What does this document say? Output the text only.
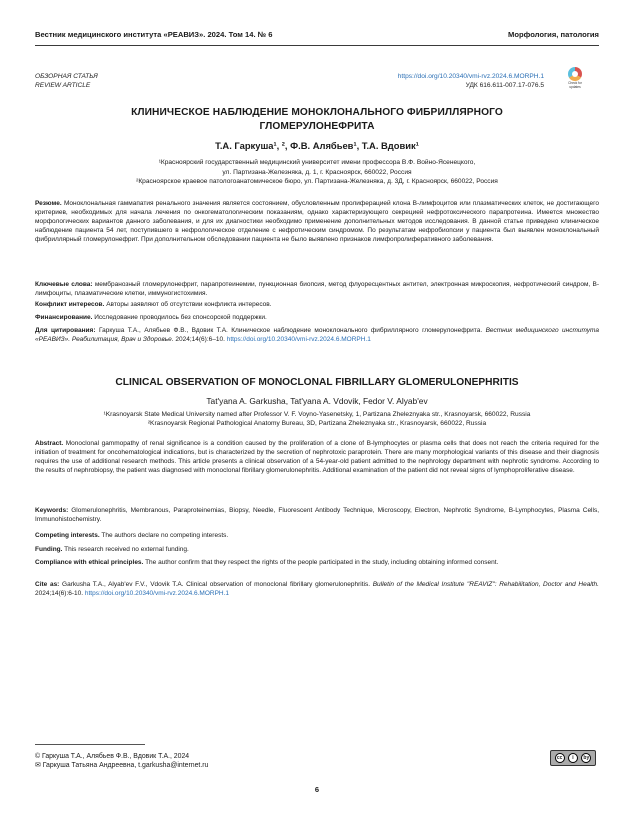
Вестник медицинского института «РЕАВИЗ». 2024. Том 14. № 6	Морфология, патология
ОБЗОРНАЯ СТАТЬЯ
REVIEW ARTICLE
https://doi.org/10.20340/vmi-rvz.2024.6.MORPH.1
УДК 616.611-007.17-076.5	Check for updates
КЛИНИЧЕСКОЕ НАБЛЮДЕНИЕ МОНОКЛОНАЛЬНОГО ФИБРИЛЛЯРНОГО
ГЛОМЕРУЛОНЕФРИТА
Т.А. Гаркуша¹, ², Ф.В. Алябьев¹, Т.А. Вдовик¹
¹Красноярский государственный медицинский университет имени профессора В.Ф. Войно-Ясенецкого,
ул. Партизана-Железняка, д. 1, г. Красноярск, 660022, Россия
²Красноярское краевое патологоанатомическое бюро, ул. Партизана-Железняка, д. 3Д, г. Красноярск, 660022, Россия
Резюме. Моноклональная гаммапатия ренального значения является состоянием, обусловленным пролиферацией клона В-лимфоцитов или плазматических клеток, не достигающего критериев, необходимых для начала лечения по онкогематологическим показаниям, однако характеризующего секрецией нефротоксического парапротеина. Имеется множество морфологических вариантов данного заболевания, и для их диагностики необходимо применение дополнительных методов исследования. В данной статье приведено клиническое наблюдение пациента 54 лет, поступившего в нефрологическое отделение с нефротическим синдромом. По результатам нефробиопсии у пациента был выявлен моноклональный фибриллярный гломерулонефрит. При дополнительном обследовании пациента не было выявлено признаков лимфопролиферативного заболевания.
Ключевые слова: мембранозный гломерулонефрит, парапротеинемии, пункционная биопсия, метод флуоресцентных антител, электронная микроскопия, нефротический синдром, В-лимфоциты, плазматические клетки, иммуногистохимия.
Конфликт интересов. Авторы заявляют об отсутствии конфликта интересов.
Финансирование. Исследование проводилось без спонсорской поддержки.
Для цитирования: Гаркуша Т.А., Алябьев Ф.В., Вдовик Т.А. Клиническое наблюдение моноклонального фибриллярного гломерулонефрита. Вестник медицинского института «РЕАВИЗ». Реабилитация, Врач и Здоровье. 2024;14(6):6–10. https://doi.org/10.20340/vmi-rvz.2024.6.MORPH.1
CLINICAL OBSERVATION OF MONOCLONAL FIBRILLARY GLOMERULONEPHRITIS
Tat'yana A. Garkusha, Tat'yana A. Vdovik, Fedor V. Alyab'ev
¹Krasnoyarsk State Medical University named after Professor V. F. Voyno-Yasenetsky, 1, Partizana Zheleznyaka str., Krasnoyarsk, 660022, Russia
²Krasnoyarsk Regional Pathological Anatomy Bureau, 3D, Partizana Zheleznyaka str., Krasnoyarsk, 660022, Russia
Abstract. Monoclonal gammopathy of renal significance is a condition caused by the proliferation of a clone of B-lymphocytes or plasma cells that does not reach the criteria required for the initiation of treatment for oncohematological indications, but is characterized by the secretion of nephrotoxic paraprotein. There are many morphological variants of this disease and their diagnosis requires the use of additional research methods. This article presents a clinical observation of a 54-year-old patient admitted to the nephrology department with nephrotic syndrome. According to the results of nephrobiopsy, the patient was diagnosed with monoclonal fibrillary glomerulonephritis. Additional examination of the patient did not reveal signs of lymphoproliferative disease.
Keywords: Glomerulonephritis, Membranous, Paraproteinemias, Biopsy, Needle, Fluorescent Antibody Technique, Microscopy, Electron, Nephrotic Syndrome, B-Lymphocytes, Plasma Cells, Immunohistochemistry.
Competing interests. The authors declare no competing interests.
Funding. This research received no external funding.
Compliance with ethical principles. The author confirm that they respect the rights of the people participated in the study, including obtaining informed consent.
Cite as: Garkusha T.A., Alyab'ev F.V., Vdovik T.A. Clinical observation of monoclonal fibrillary glomerulonephritis. Bulletin of the Medical Institute "REAVIZ": Rehabilitation, Doctor and Health. 2024;14(6):6-10. https://doi.org/10.20340/vmi-rvz.2024.6.MORPH.1
© Гаркуша Т.А., Алябьев Ф.В., Вдовик Т.А., 2024
✉ Гаркуша Татьяна Андреевна, t.garkusha@internet.ru
cc	i	by
6
